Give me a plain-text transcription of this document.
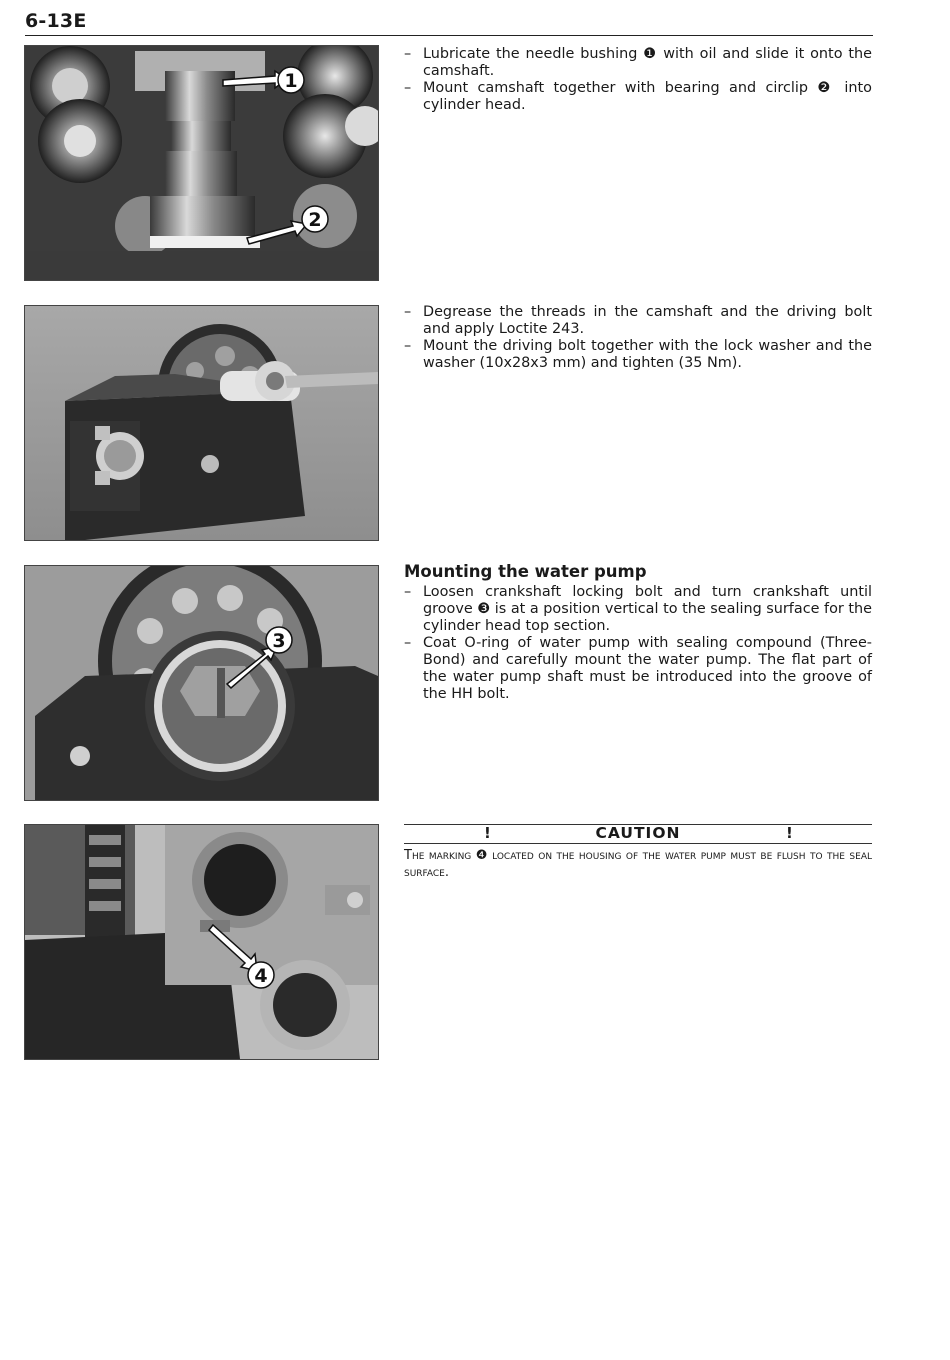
6-13E
1
2

– Lubricate the needle bushing ❶ with oil and slide it onto the camshaft.

– Mount camshaft together with bearing and circlip ❷ into cylinder head.

– Degrease the threads in the camshaft and the driving bolt and apply Loctite 243.

– Mount the driving bolt together with the lock washer and the washer (10x28x3 mm) and tighten (35 Nm).

3
Mounting the water pump

– Loosen crankshaft locking bolt and turn crankshaft until groove ❸ is at a position vertical to the sealing surface for the cylinder head top section.

– Coat O-ring of water pump with sealing compound (Three-Bond) and carefully mount the water pump. The flat part of the water pump shaft must be introduced into the groove of the HH bolt.

4
!	CAUTION	!
The marking ❹ located on the housing of the water pump must be flush to the seal surface.
